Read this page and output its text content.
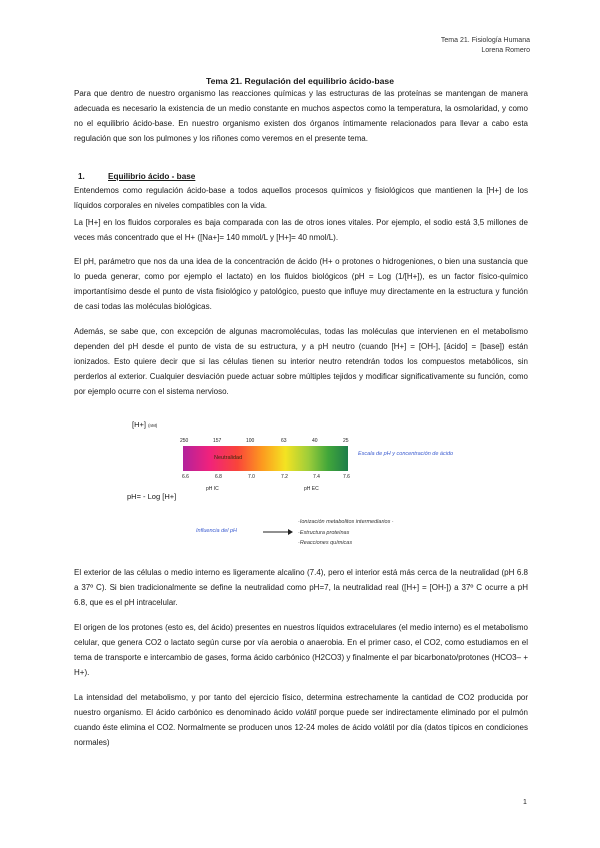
Tema 21. Fisiología Humana
Lorena Romero
Tema 21. Regulación del equilibrio ácido-base

Para que dentro de nuestro organismo las reacciones químicas y las estructuras de las proteínas se mantengan de manera adecuada es necesario la existencia de un medio constante en muchos aspectos como la temperatura, la osmolaridad, y como no el equilibrio ácido-base. En nuestro organismo existen dos órganos íntimamente relacionados para llevar a cabo esta regulación que son los pulmones y los riñones como veremos en el presente tema.

1.	Equilibrio ácido - base

Entendemos como regulación ácido-base a todos aquellos procesos químicos y fisiológicos que mantienen la [H+] de los líquidos corporales en niveles compatibles con la vida.

La [H+] en los fluidos corporales es baja comparada con las de otros iones vitales. Por ejemplo, el sodio está 3,5 millones de veces más concentrado que el H+ ([Na+]= 140 mmol/L y [H+]= 40 nmol/L).

El pH, parámetro que nos da una idea de la concentración de ácido (H+ o protones o hidrogeniones, o bien una sustancia que lo pueda generar, como por ejemplo el lactato) en los fluidos biológicos (pH = Log (1/[H+]), es un factor físico-químico importantísimo desde el punto de vista fisiológico y patológico, puesto que influye muy directamente en la estructura y función de casi todas las moléculas biológicas.

Además, se sabe que, con excepción de algunas macromoléculas, todas las moléculas que intervienen en el metabolismo dependen del pH desde el punto de vista de su estructura, y a pH neutro (cuando [H+] = [OH-], [ácido] = [base]) están ionizados. Esto quiere decir que si las células tienen su interior neutro retendrán todos los compuestos metabólicos, sin perderlos al exterior. Cualquier desviación puede actuar sobre múltiples tejidos y modificar significativamente su función, como por ejemplo ocurre con el sistema nervioso.

[H+] (nM)
250	157	100	63	40	25
Neutralidad
Escala de pH y concentración de ácido
6.6	6.8	7.0	7.2	7.4	7.6
pH IC	pH EC
pH= - Log [H+]
Influencia del pH
·Ionización metabolitos intermediarios ·
·Estructura proteínas
·Reacciones químicas

El exterior de las células o medio interno es ligeramente alcalino (7.4), pero el interior está más cerca de la neutralidad (pH 6.8 a 37º C). Si bien tradicionalmente se define la neutralidad como pH=7, la neutralidad real ([H+] = [OH-]) a 37º C ocurre a pH 6.8, que es el pH intracelular.

El origen de los protones (esto es, del ácido) presentes en nuestros líquidos extracelulares (el medio interno) es el metabolismo celular, que genera CO2 o lactato según curse por vía aerobia o anaerobia. En el primer caso, el CO2, como estudiamos en el tema de transporte e intercambio de gases, forma ácido carbónico (H2CO3) y finalmente el par bicarbonato/protones (HCO3– + H+).

La intensidad del metabolismo, y por tanto del ejercicio físico, determina estrechamente la cantidad de CO2 producida por nuestro organismo. El ácido carbónico es denominado ácido volátil porque puede ser indirectamente eliminado por el pulmón cuando éste elimina el CO2. Normalmente se producen unos 12-24 moles de ácido volátil por día (datos típicos en condiciones normales)

1
